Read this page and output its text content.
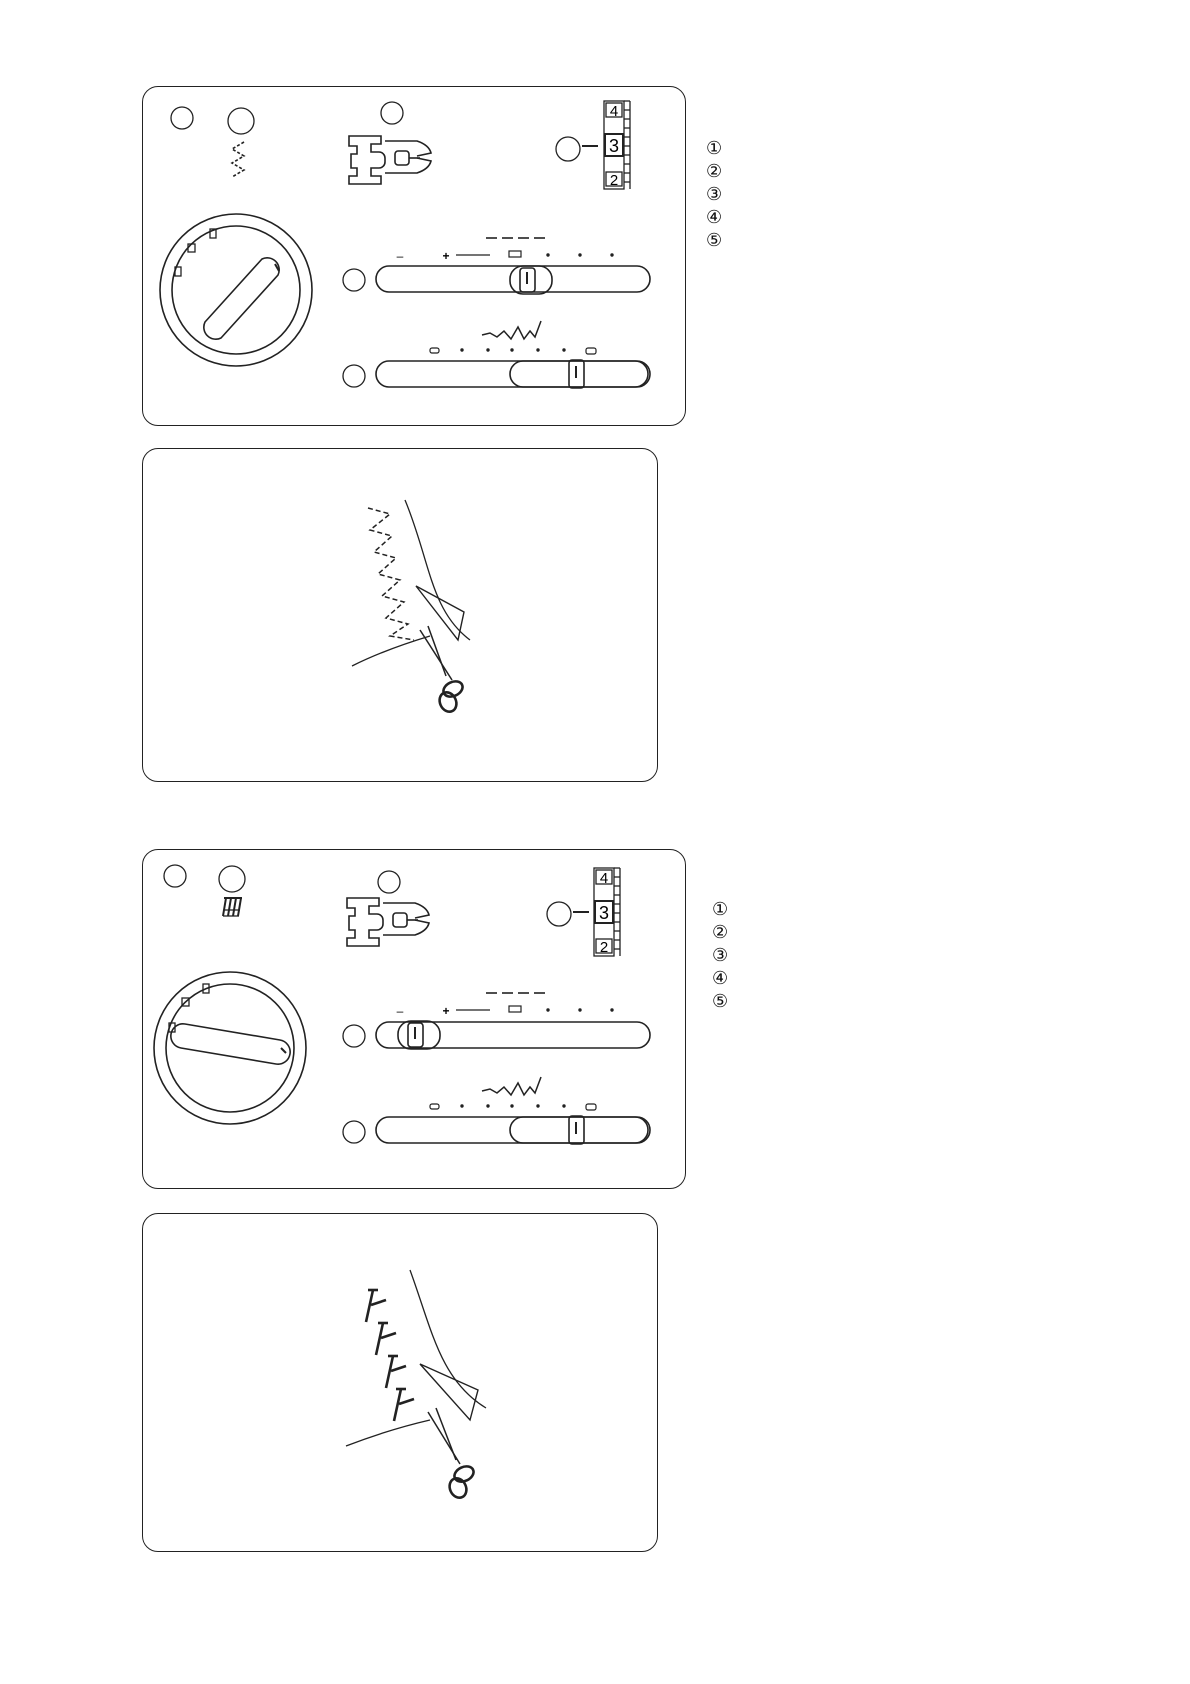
4
3
2
–	+
①
②
③
④
⑤
4
3
2
–	+
①
②
③
④
⑤
